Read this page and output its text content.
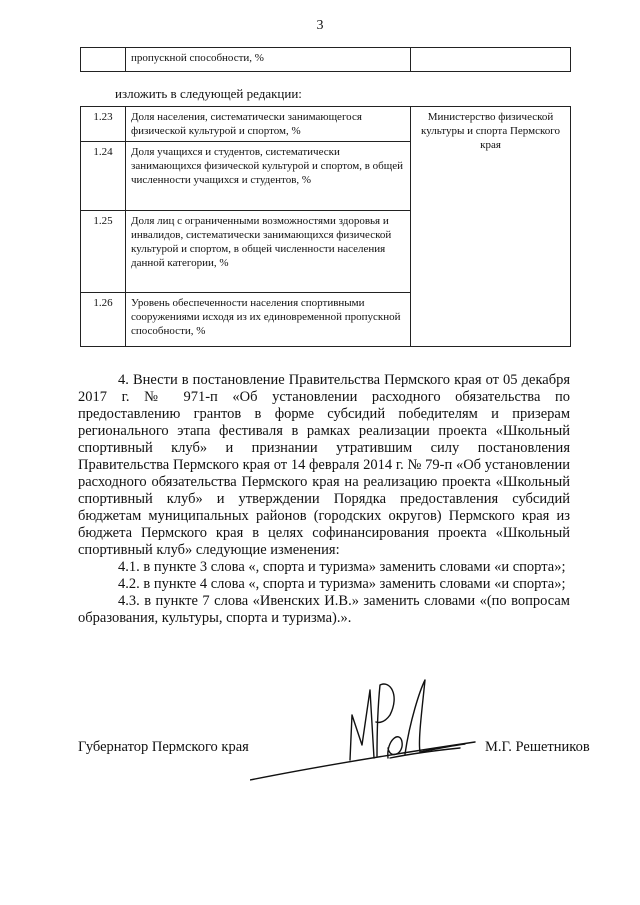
3
	пропускной способности, %	
изложить в следующей редакции:
1.23	Доля населения, систематически занимающегося физической культурой и спортом, %	Министерство физической культуры и спорта Пермского края
1.24	Доля учащихся и студентов, систематически занимающихся физической культурой и спортом, в общей численности учащихся и студентов, %	
1.25	Доля лиц с ограниченными возможностями здоровья и инвалидов, систематически занимающихся физической культурой и спортом, в общей численности населения данной категории, %	
1.26	Уровень обеспеченности населения спортивными сооружениями исходя из их единовременной пропускной способности, %	

4. Внести в постановление Правительства Пермского края от 05 декабря 2017 г. № 971-п «Об установлении расходного обязательства по предоставлению грантов в форме субсидий победителям и призерам регионального этапа фестиваля в рамках реализации проекта «Школьный спортивный клуб» и признании утратившим силу постановления Правительства Пермского края от 14 февраля 2014 г. № 79-п «Об установлении расходного обязательства Пермского края на реализацию проекта «Школьный спортивный клуб» и утверждении Порядка предоставления субсидий бюджетам муниципальных районов (городских округов) Пермского края из бюджета Пермского края в целях софинансирования проекта «Школьный спортивный клуб» следующие изменения:

4.1. в пункте 3 слова «, спорта и туризма» заменить словами «и спорта»;

4.2. в пункте 4 слова «, спорта и туризма» заменить словами «и спорта»;

4.3. в пункте 7 слова «Ивенских И.В.» заменить словами «(по вопросам образования, культуры, спорта и туризма).».

Губернатор Пермского края	М.Г. Решетников
